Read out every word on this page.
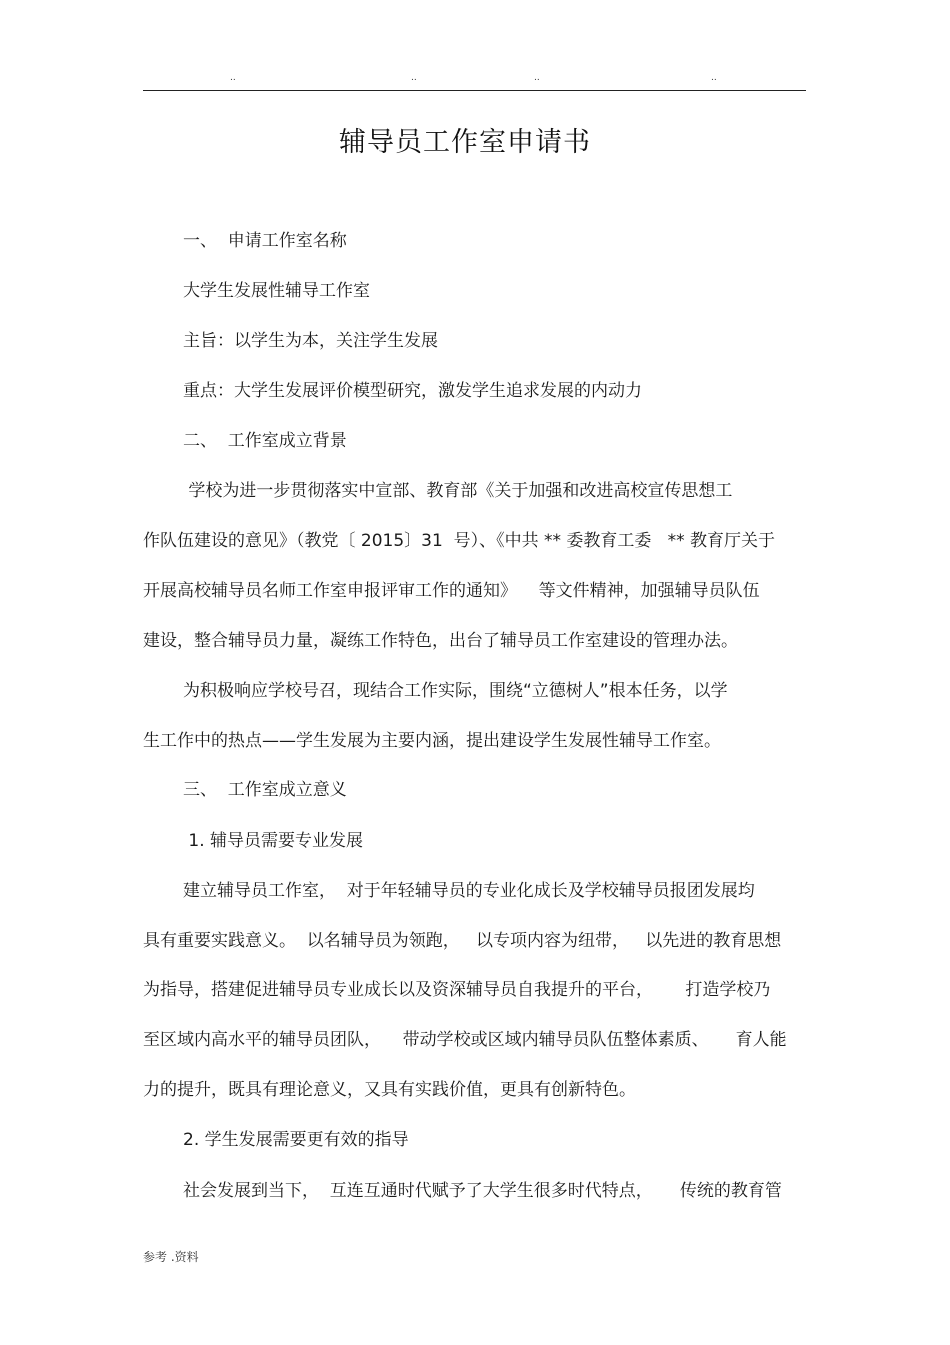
..	..	..	..
辅导员工作室申请书
一、  申请工作室名称
大学生发展性辅导工作室
主旨：以学生为本，关注学生发展
重点：大学生发展评价模型研究，激发学生追求发展的内动力
二、  工作室成立背景
学校为进一步贯彻落实中宣部、教育部《关于加强和改进高校宣传思想工
作队伍建设的意见》（教党〔 2015〕31  号）、《中共 ** 委教育工委   ** 教育厅关于
开展高校辅导员名师工作室申报评审工作的通知》    等文件精神，加强辅导员队伍
建设，整合辅导员力量，凝练工作特色，出台了辅导员工作室建设的管理办法。
为积极响应学校号召，现结合工作实际，围绕“立德树人”根本任务，以学
生工作中的热点——学生发展为主要内涵，提出建设学生发展性辅导工作室。
三、  工作室成立意义
1. 辅导员需要专业发展
建立辅导员工作室，  对于年轻辅导员的专业化成长及学校辅导员报团发展均
具有重要实践意义。  以名辅导员为领跑，   以专项内容为纽带，   以先进的教育思想
为指导，搭建促进辅导员专业成长以及资深辅导员自我提升的平台，      打造学校乃
至区域内高水平的辅导员团队，    带动学校或区域内辅导员队伍整体素质、     育人能
力的提升，既具有理论意义，又具有实践价值，更具有创新特色。
2. 学生发展需要更有效的指导
社会发展到当下，  互连互通时代赋予了大学生很多时代特点，     传统的教育管
参考 .资料
